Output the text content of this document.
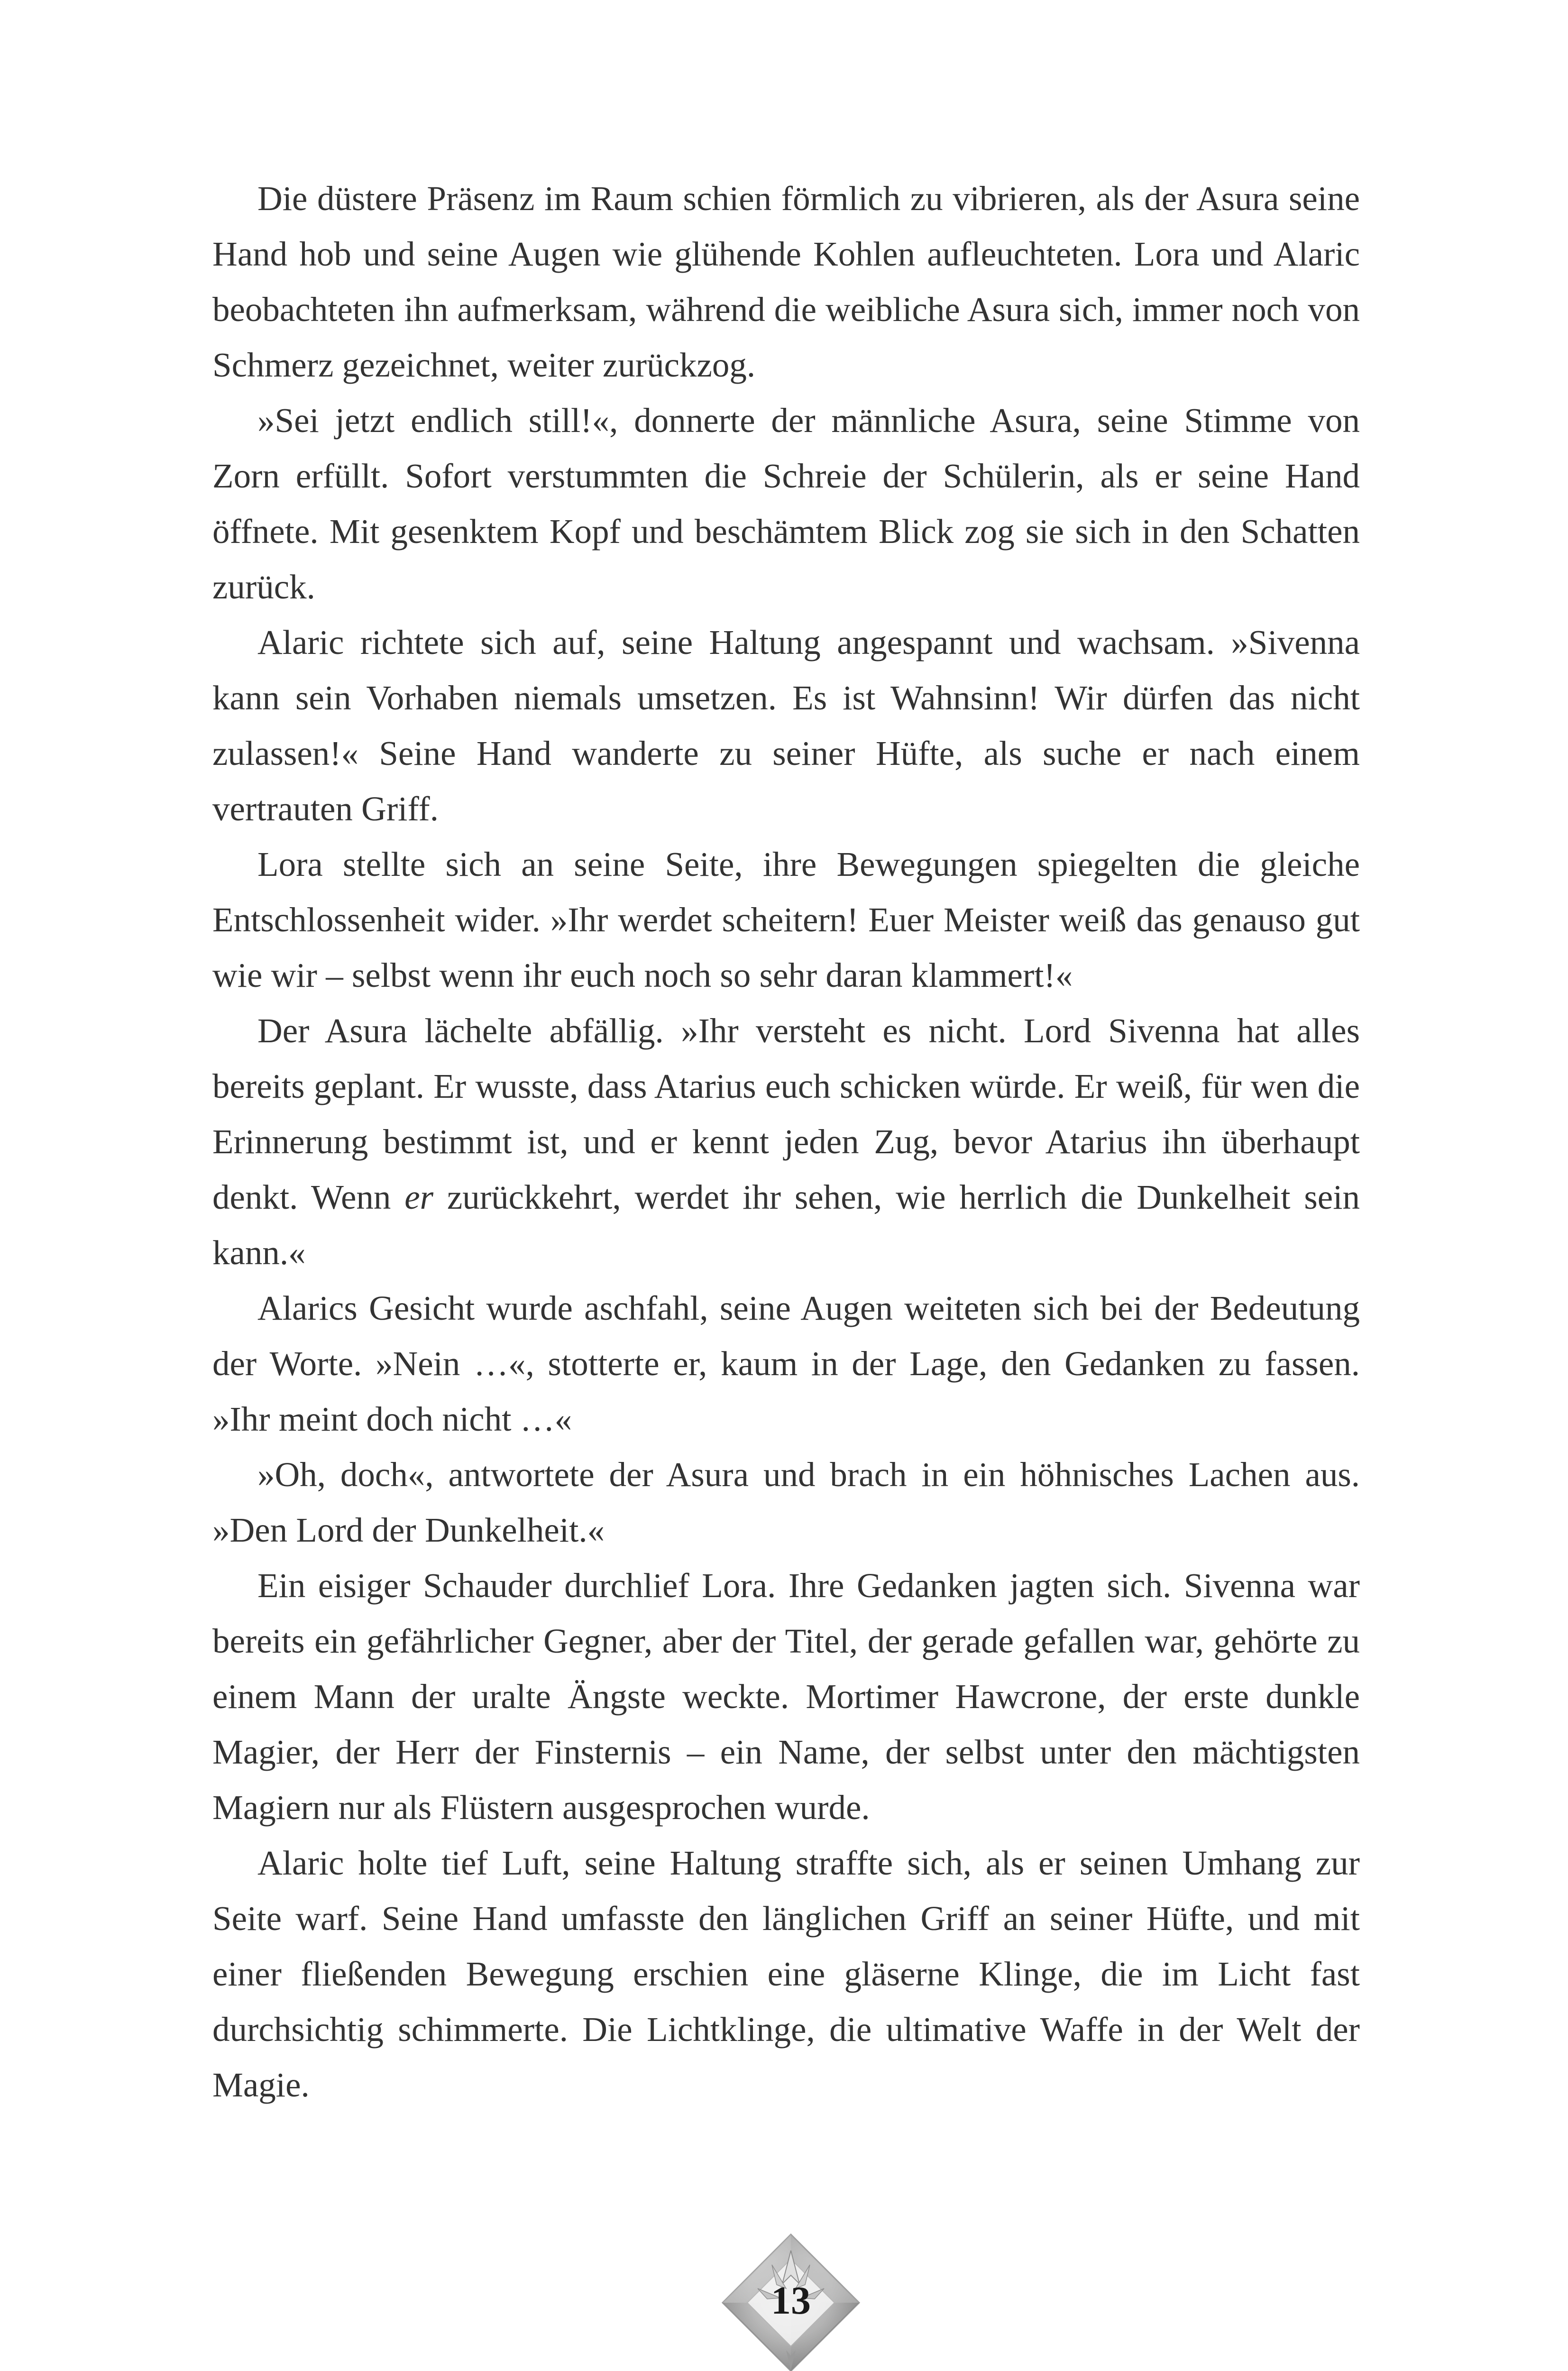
Die düstere Präsenz im Raum schien förmlich zu vibrieren, als der Asura seine Hand hob und seine Augen wie glühende Kohlen aufleuchteten. Lora und Alaric beobachteten ihn aufmerksam, während die weibliche Asura sich, immer noch von Schmerz gezeichnet, weiter zurückzog.

»Sei jetzt endlich still!«, donnerte der männliche Asura, seine Stimme von Zorn erfüllt. Sofort verstummten die Schreie der Schülerin, als er seine Hand öffnete. Mit gesenktem Kopf und beschämtem Blick zog sie sich in den Schatten zurück.

Alaric richtete sich auf, seine Haltung angespannt und wachsam. »Sivenna kann sein Vorhaben niemals umsetzen. Es ist Wahnsinn! Wir dürfen das nicht zulassen!« Seine Hand wanderte zu seiner Hüfte, als suche er nach einem vertrauten Griff.

Lora stellte sich an seine Seite, ihre Bewegungen spiegelten die gleiche Entschlossenheit wider. »Ihr werdet scheitern! Euer Meister weiß das genauso gut wie wir – selbst wenn ihr euch noch so sehr daran klammert!«

Der Asura lächelte abfällig. »Ihr versteht es nicht. Lord Sivenna hat alles bereits geplant. Er wusste, dass Atarius euch schicken würde. Er weiß, für wen die Erinnerung bestimmt ist, und er kennt jeden Zug, bevor Atarius ihn überhaupt denkt. Wenn er zurückkehrt, werdet ihr sehen, wie herrlich die Dunkelheit sein kann.«

Alarics Gesicht wurde aschfahl, seine Augen weiteten sich bei der Bedeutung der Worte. »Nein …«, stotterte er, kaum in der Lage, den Gedanken zu fassen. »Ihr meint doch nicht …«

»Oh, doch«, antwortete der Asura und brach in ein höhnisches Lachen aus. »Den Lord der Dunkelheit.«

Ein eisiger Schauder durchlief Lora. Ihre Gedanken jagten sich. Sivenna war bereits ein gefährlicher Gegner, aber der Titel, der gerade gefallen war, gehörte zu einem Mann der uralte Ängste weckte. Mortimer Hawcrone, der erste dunkle Magier, der Herr der Finsternis – ein Name, der selbst unter den mächtigsten Magiern nur als Flüstern ausgesprochen wurde.

Alaric holte tief Luft, seine Haltung straffte sich, als er seinen Umhang zur Seite warf. Seine Hand umfasste den länglichen Griff an seiner Hüfte, und mit einer fließenden Bewegung erschien eine gläserne Klinge, die im Licht fast durchsichtig schimmerte. Die Lichtklinge, die ultimative Waffe in der Welt der Magie.

13
